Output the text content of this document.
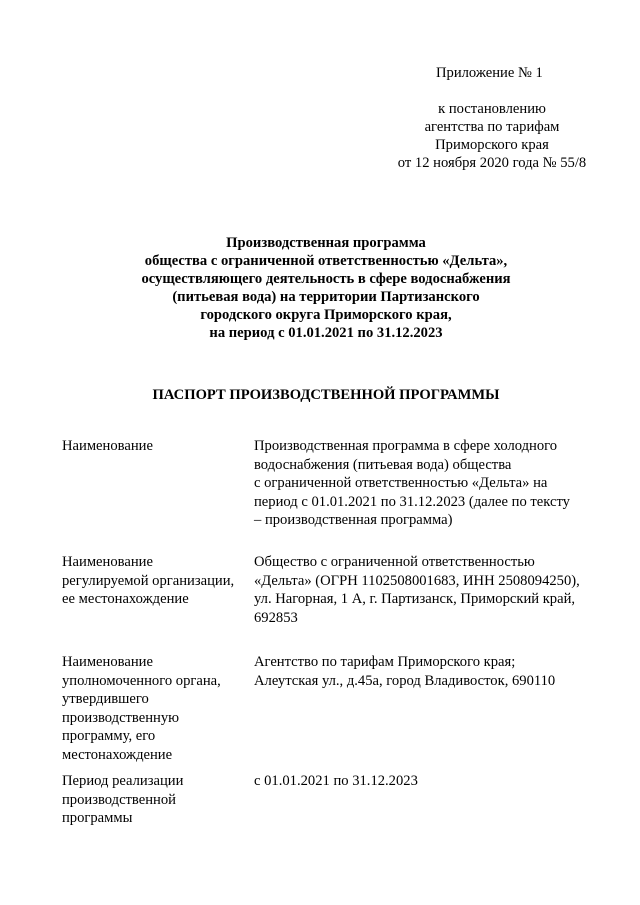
Приложение № 1
к постановлению
агентства по тарифам
Приморского края
от 12 ноября 2020 года № 55/8
Производственная программа
общества с ограниченной ответственностью «Дельта»,
осуществляющего деятельность в сфере водоснабжения
(питьевая вода) на территории Партизанского
городского округа Приморского края,
на период с 01.01.2021 по 31.12.2023
ПАСПОРТ ПРОИЗВОДСТВЕННОЙ ПРОГРАММЫ
Наименование	Производственная программа в сфере холодного
водоснабжения (питьевая вода) общества
с ограниченной ответственностью «Дельта» на
период с 01.01.2021 по 31.12.2023 (далее по тексту
– производственная программа)
Наименование
регулируемой организации,
ее местонахождение
Общество с ограниченной ответственностью
«Дельта» (ОГРН 1102508001683, ИНН 2508094250),
ул. Нагорная, 1 А, г. Партизанск, Приморский край,
692853
Наименование
уполномоченного органа,
утвердившего
производственную
программу, его
местонахождение
Агентство по тарифам Приморского края;
Алеутская ул., д.45а, город Владивосток, 690110
Период реализации
производственной
программы
с 01.01.2021 по 31.12.2023
